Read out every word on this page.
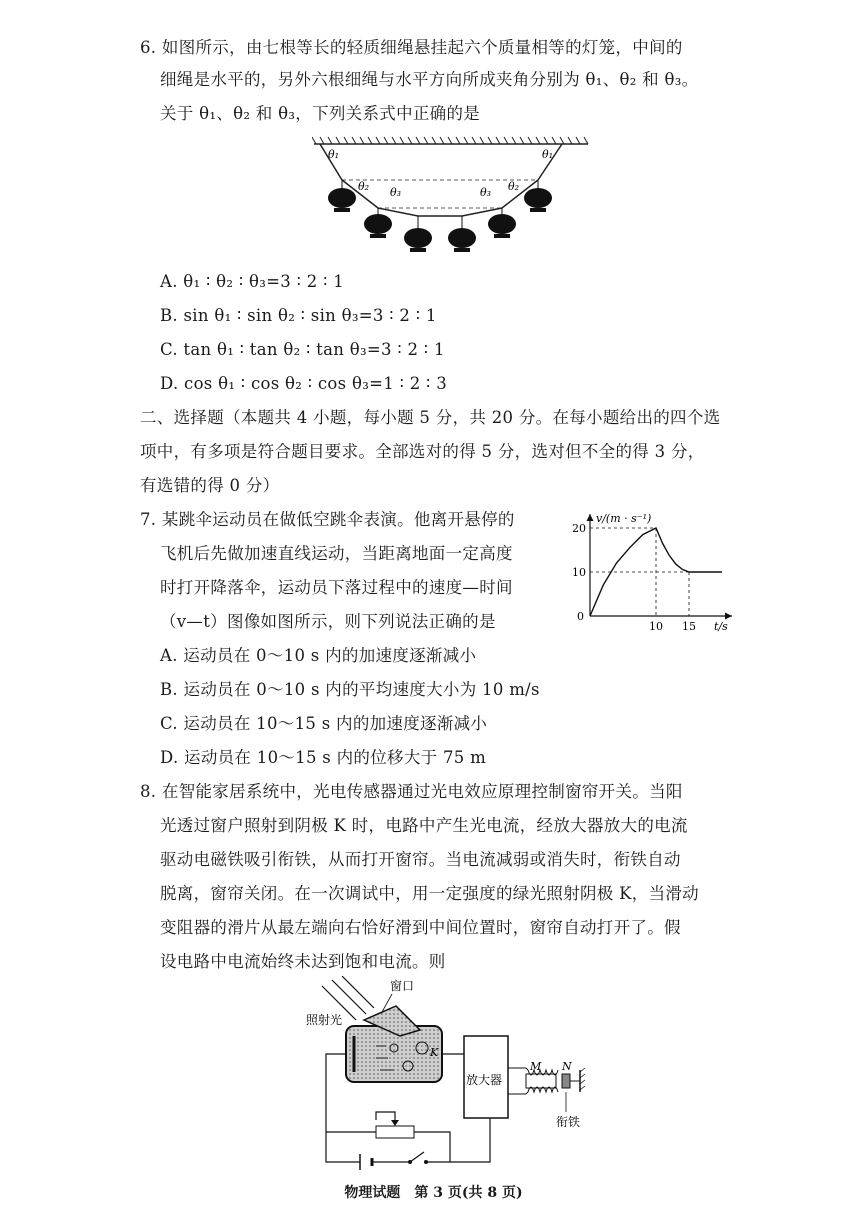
6. 如图所示，由七根等长的轻质细绳悬挂起六个质量相等的灯笼，中间的
细绳是水平的，另外六根细绳与水平方向所成夹角分别为 θ₁、θ₂ 和 θ₃。
关于 θ₁、θ₂ 和 θ₃，下列关系式中正确的是
θ₁	θ₁
θ₂	θ₂
θ₃	θ₃
A. θ₁ ∶ θ₂ ∶ θ₃=3 ∶ 2 ∶ 1
B. sin θ₁ ∶ sin θ₂ ∶ sin θ₃=3 ∶ 2 ∶ 1
C. tan θ₁ ∶ tan θ₂ ∶ tan θ₃=3 ∶ 2 ∶ 1
D. cos θ₁ ∶ cos θ₂ ∶ cos θ₃=1 ∶ 2 ∶ 3
二、选择题（本题共 4 小题，每小题 5 分，共 20 分。在每小题给出的四个选
项中，有多项是符合题目要求。全部选对的得 5 分，选对但不全的得 3 分，
有选错的得 0 分）
7. 某跳伞运动员在做低空跳伞表演。他离开悬停的
飞机后先做加速直线运动，当距离地面一定高度
时打开降落伞，运动员下落过程中的速度—时间
（v—t）图像如图所示，则下列说法正确的是
v/(m · s⁻¹)
t/s
10
20
0
10 15
A. 运动员在 0～10 s 内的加速度逐渐减小
B. 运动员在 0～10 s 内的平均速度大小为 10 m/s
C. 运动员在 10～15 s 内的加速度逐渐减小
D. 运动员在 10～15 s 内的位移大于 75 m
8. 在智能家居系统中，光电传感器通过光电效应原理控制窗帘开关。当阳
光透过窗户照射到阴极 K 时，电路中产生光电流，经放大器放大的电流
驱动电磁铁吸引衔铁，从而打开窗帘。当电流减弱或消失时，衔铁自动
脱离，窗帘关闭。在一次调试中，用一定强度的绿光照射阴极 K，当滑动
变阻器的滑片从最左端向右恰好滑到中间位置时，窗帘自动打开了。假
设电路中电流始终未达到饱和电流。则
窗口
照射光
K
放大器
M N
衔铁
物理试题　第 3 页(共 8 页)
